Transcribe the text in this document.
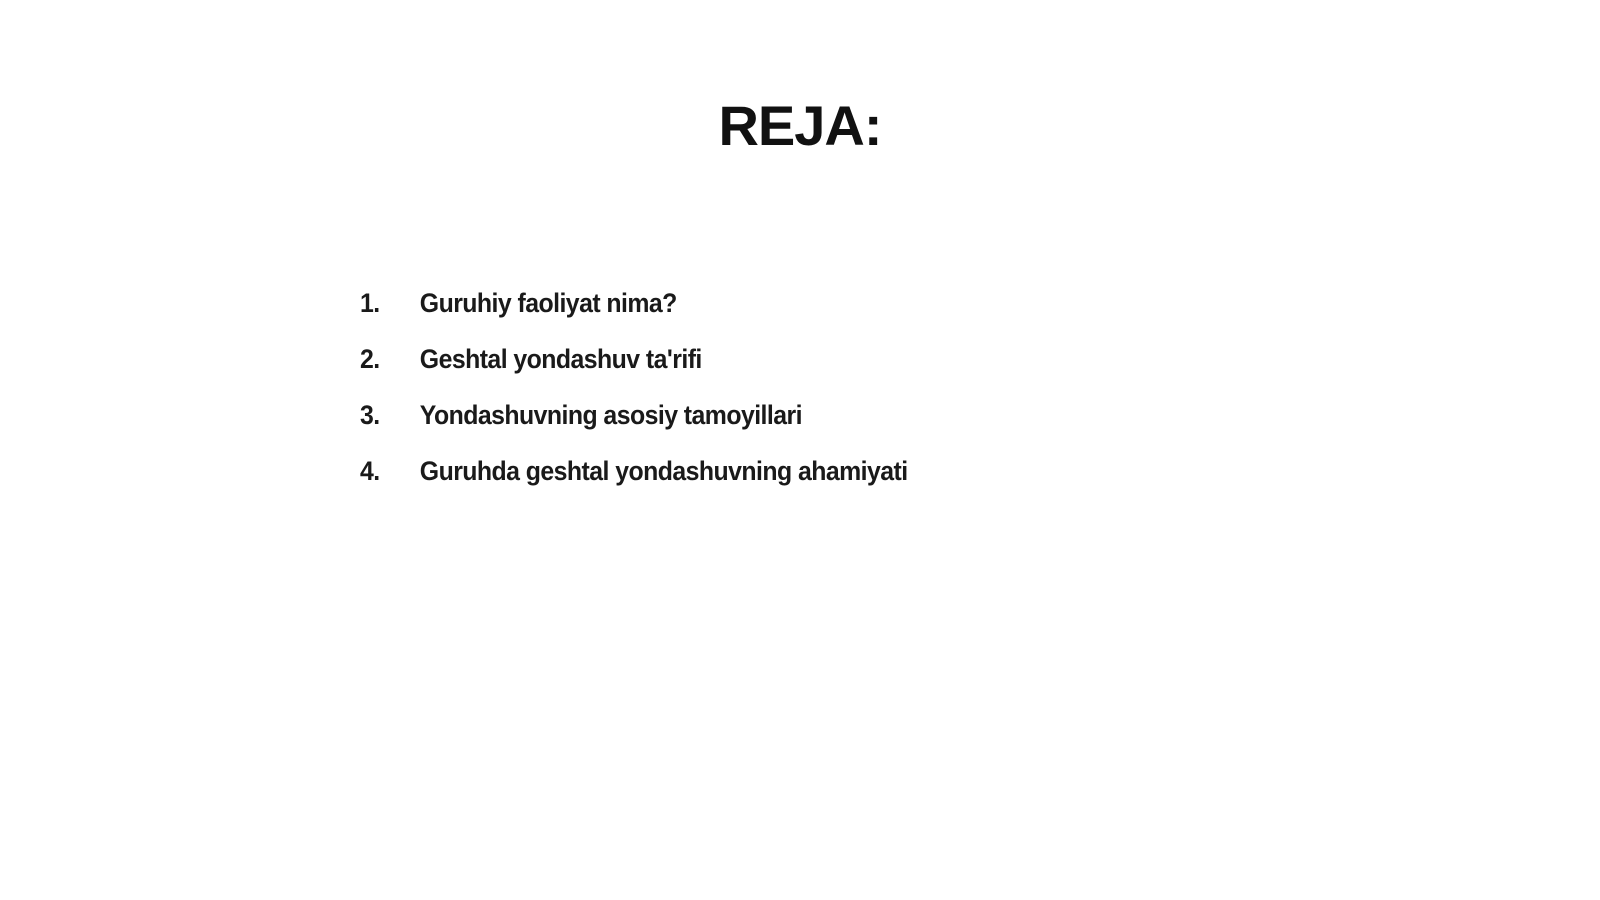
REJA:
1.	Guruhiy faoliyat nima?
2.	Geshtal yondashuv ta'rifi
3.	Yondashuvning asosiy tamoyillari
4.	Guruhda geshtal yondashuvning ahamiyati
